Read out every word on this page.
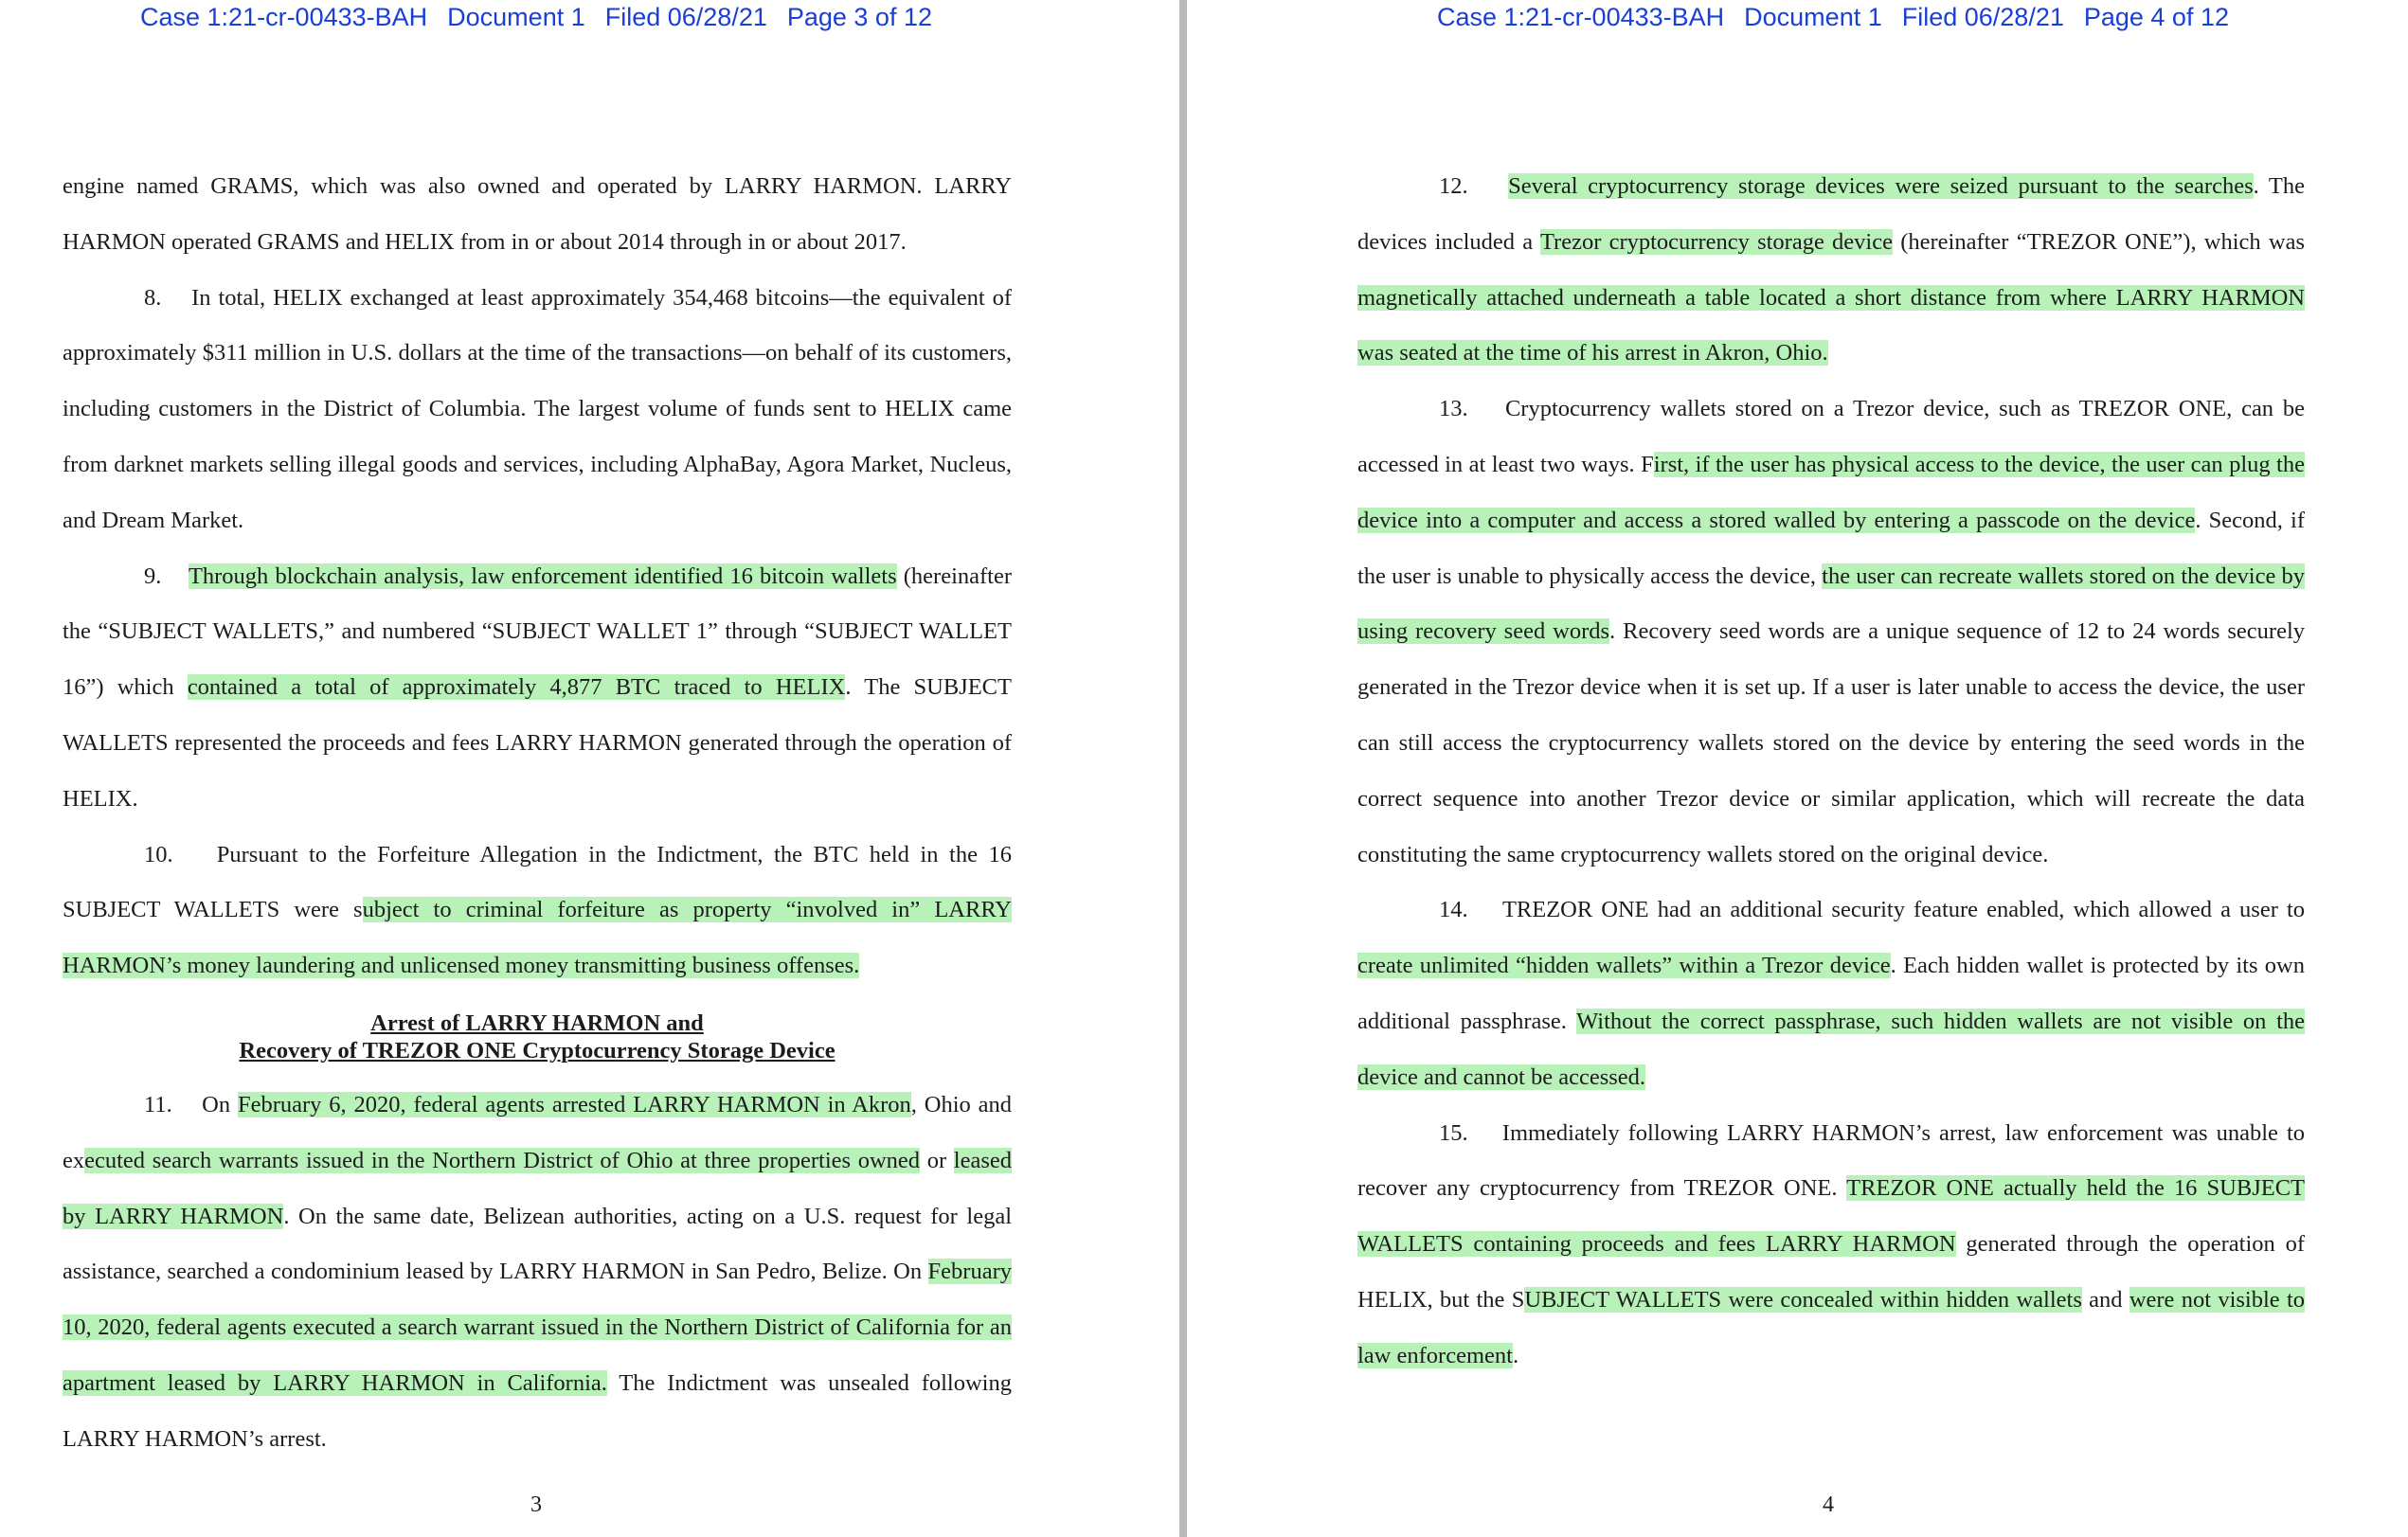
Case 1:21-cr-00433-BAH Document 1 Filed 06/28/21 Page 3 of 12

engine named GRAMS, which was also owned and operated by LARRY HARMON. LARRY HARMON operated GRAMS and HELIX from in or about 2014 through in or about 2017.

8. In total, HELIX exchanged at least approximately 354,468 bitcoins—the equivalent of approximately $311 million in U.S. dollars at the time of the transactions—on behalf of its customers, including customers in the District of Columbia. The largest volume of funds sent to HELIX came from darknet markets selling illegal goods and services, including AlphaBay, Agora Market, Nucleus, and Dream Market.

9. Through blockchain analysis, law enforcement identified 16 bitcoin wallets (hereinafter the “SUBJECT WALLETS,” and numbered “SUBJECT WALLET 1” through “SUBJECT WALLET 16”) which contained a total of approximately 4,877 BTC traced to HELIX. The SUBJECT WALLETS represented the proceeds and fees LARRY HARMON generated through the operation of HELIX.

10. Pursuant to the Forfeiture Allegation in the Indictment, the BTC held in the 16 SUBJECT WALLETS were subject to criminal forfeiture as property “involved in” LARRY HARMON’s money laundering and unlicensed money transmitting business offenses.

Arrest of LARRY HARMON and
Recovery of TREZOR ONE Cryptocurrency Storage Device

11. On February 6, 2020, federal agents arrested LARRY HARMON in Akron, Ohio and executed search warrants issued in the Northern District of Ohio at three properties owned or leased by LARRY HARMON. On the same date, Belizean authorities, acting on a U.S. request for legal assistance, searched a condominium leased by LARRY HARMON in San Pedro, Belize. On February 10, 2020, federal agents executed a search warrant issued in the Northern District of California for an apartment leased by LARRY HARMON in California. The Indictment was unsealed following LARRY HARMON’s arrest.

3
Case 1:21-cr-00433-BAH Document 1 Filed 06/28/21 Page 4 of 12

12. Several cryptocurrency storage devices were seized pursuant to the searches. The devices included a Trezor cryptocurrency storage device (hereinafter “TREZOR ONE”), which was magnetically attached underneath a table located a short distance from where LARRY HARMON was seated at the time of his arrest in Akron, Ohio.

13. Cryptocurrency wallets stored on a Trezor device, such as TREZOR ONE, can be accessed in at least two ways. First, if the user has physical access to the device, the user can plug the device into a computer and access a stored walled by entering a passcode on the device. Second, if the user is unable to physically access the device, the user can recreate wallets stored on the device by using recovery seed words. Recovery seed words are a unique sequence of 12 to 24 words securely generated in the Trezor device when it is set up. If a user is later unable to access the device, the user can still access the cryptocurrency wallets stored on the device by entering the seed words in the correct sequence into another Trezor device or similar application, which will recreate the data constituting the same cryptocurrency wallets stored on the original device.

14. TREZOR ONE had an additional security feature enabled, which allowed a user to create unlimited “hidden wallets” within a Trezor device. Each hidden wallet is protected by its own additional passphrase. Without the correct passphrase, such hidden wallets are not visible on the device and cannot be accessed.

15. Immediately following LARRY HARMON’s arrest, law enforcement was unable to recover any cryptocurrency from TREZOR ONE. TREZOR ONE actually held the 16 SUBJECT WALLETS containing proceeds and fees LARRY HARMON generated through the operation of HELIX, but the SUBJECT WALLETS were concealed within hidden wallets and were not visible to law enforcement.

4
